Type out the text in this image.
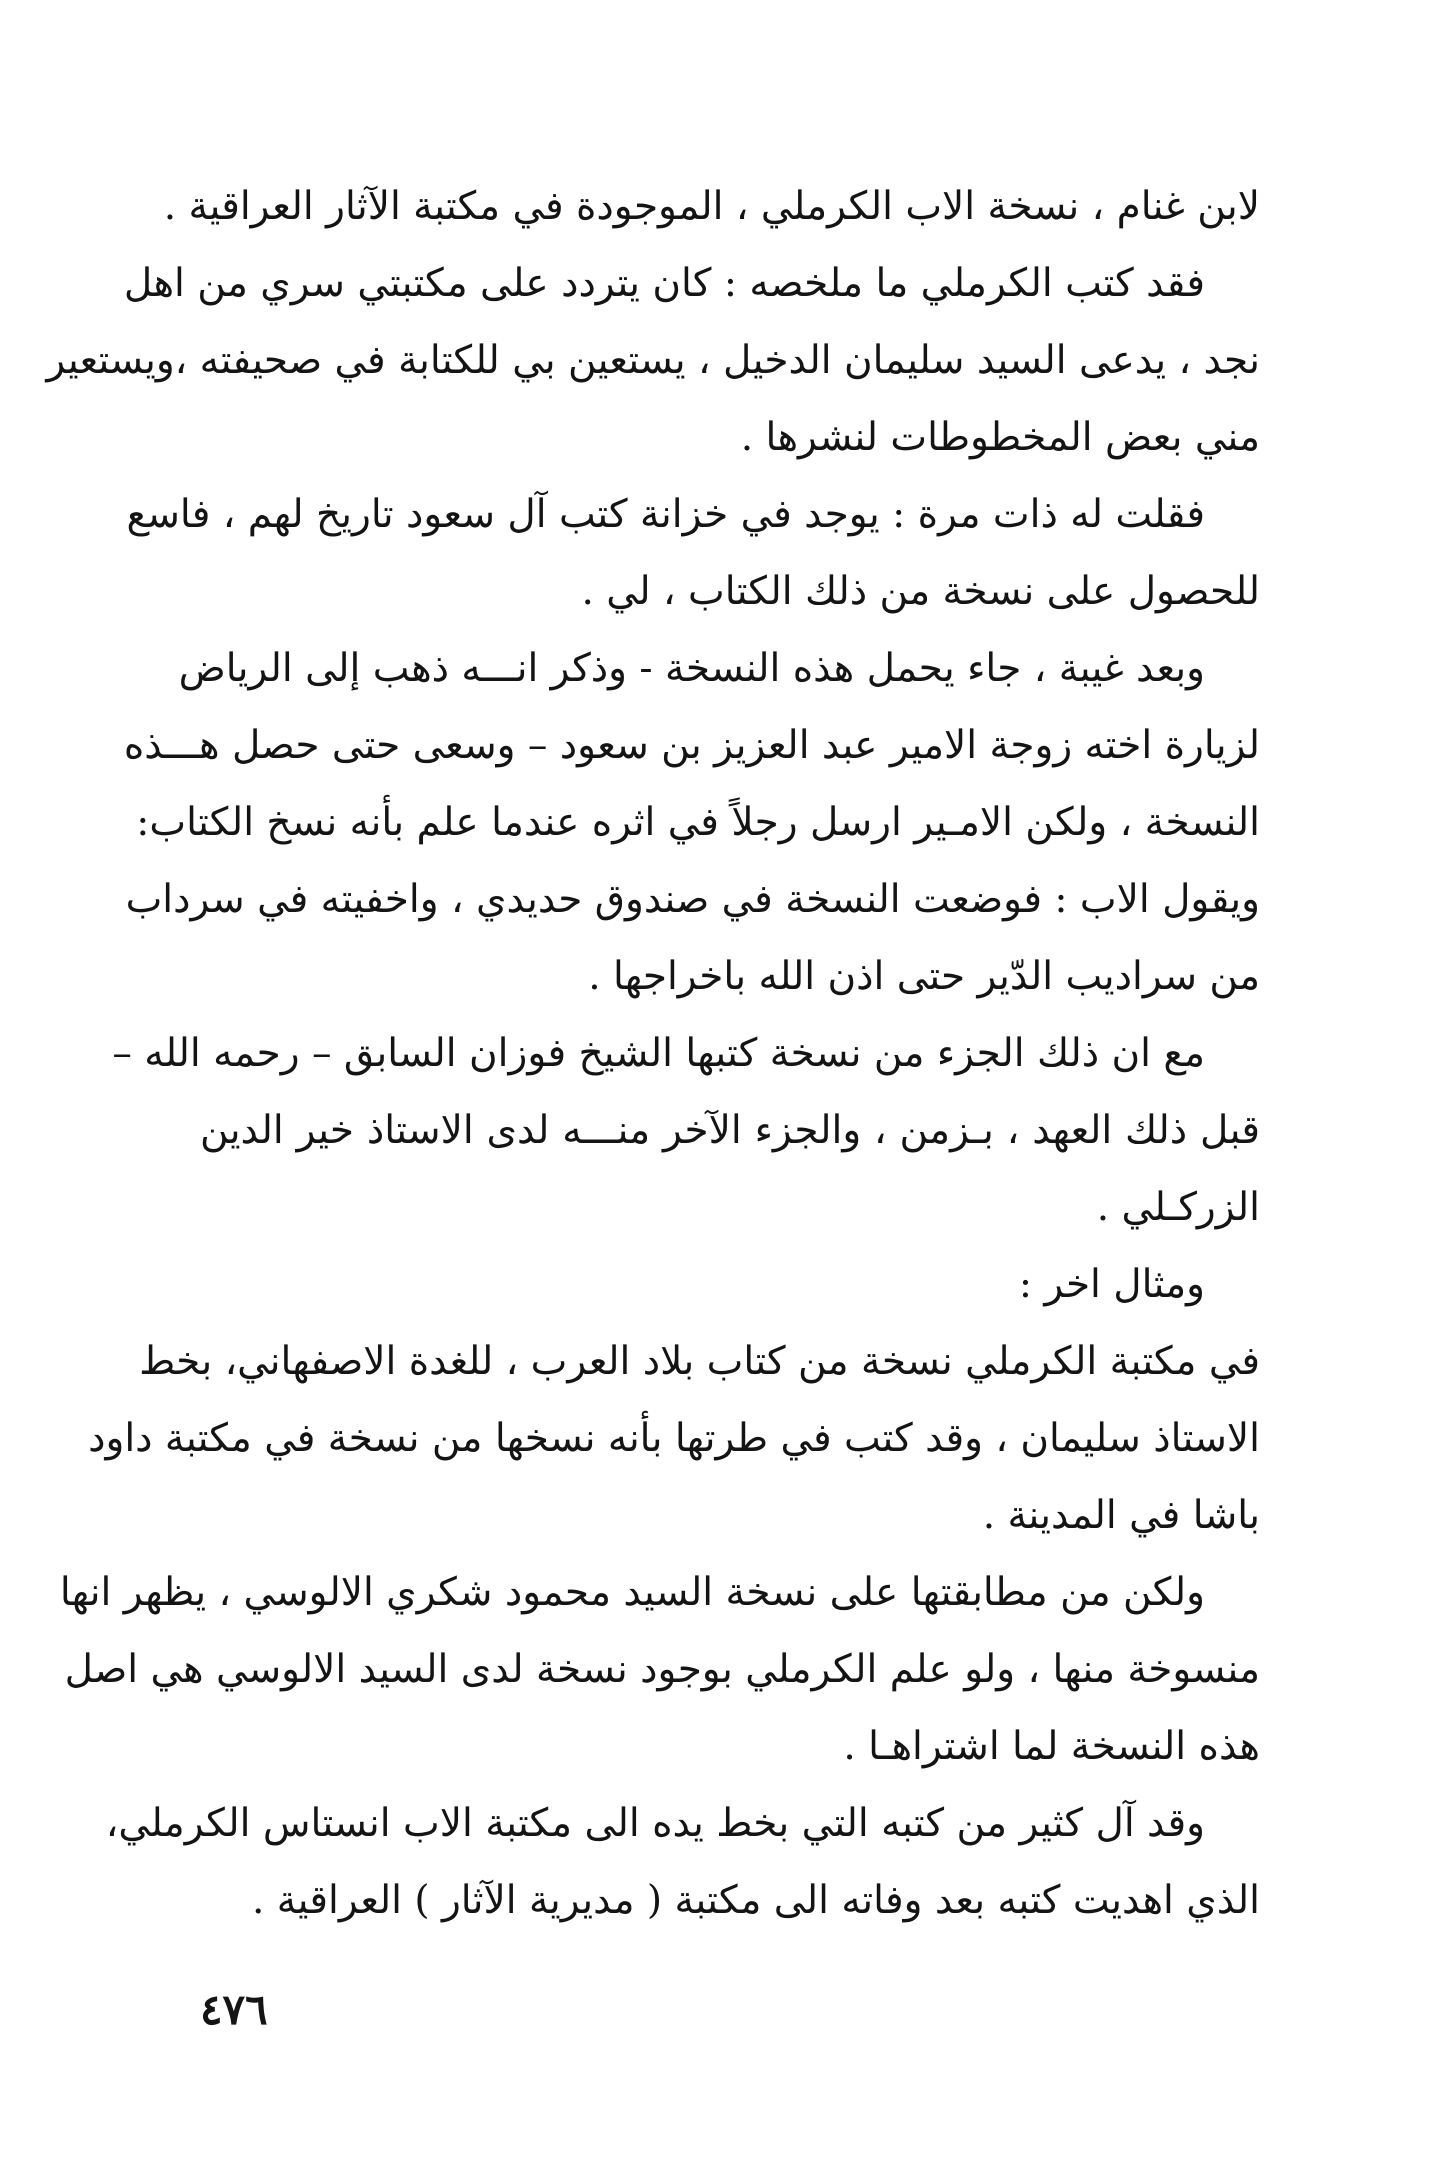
لابن غنام ، نسخة الاب الكرملي ، الموجودة في مكتبة الآثار العراقية .
فقد كتب الكرملي ما ملخصه : كان يتردد على مكتبتي سري من اهل
نجد ، يدعى السيد سليمان الدخيل ، يستعين بي للكتابة في صحيفته ،ويستعير
مني بعض المخطوطات لنشرها .
فقلت له ذات مرة : يوجد في خزانة كتب آل سعود تاريخ لهم ، فاسع
للحصول على نسخة من ذلك الكتاب ، لي .
وبعد غيبة ، جاء يحمل هذه النسخة - وذكر انـــه ذهب إلى الرياض
لزيارة اخته زوجة الامير عبد العزيز بن سعود – وسعى حتى حصل هـــذه
النسخة ، ولكن الامـير ارسل رجلاً في اثره عندما علم بأنه نسخ الكتاب:
ويقول الاب : فوضعت النسخة في صندوق حديدي ، واخفيته في سرداب
من سراديب الدّير حتى اذن الله باخراجها .
مع ان ذلك الجزء من نسخة كتبها الشيخ فوزان السابق – رحمه الله –
قبل ذلك العهد ، بـزمن ، والجزء الآخر منـــه لدى الاستاذ خير الدين
الزركـلي .
ومثال اخر :
في مكتبة الكرملي نسخة من كتاب بلاد العرب ، للغدة الاصفهاني، بخط
الاستاذ سليمان ، وقد كتب في طرتها بأنه نسخها من نسخة في مكتبة داود
باشا في المدينة .
ولكن من مطابقتها على نسخة السيد محمود شكري الالوسي ، يظهر انها
منسوخة منها ، ولو علم الكرملي بوجود نسخة لدى السيد الالوسي هي اصل
هذه النسخة لما اشتراهـا .
وقد آل كثير من كتبه التي بخط يده الى مكتبة الاب انستاس الكرملي،
الذي اهديت كتبه بعد وفاته الى مكتبة ( مديرية الآثار ) العراقية .
٤٧٦
